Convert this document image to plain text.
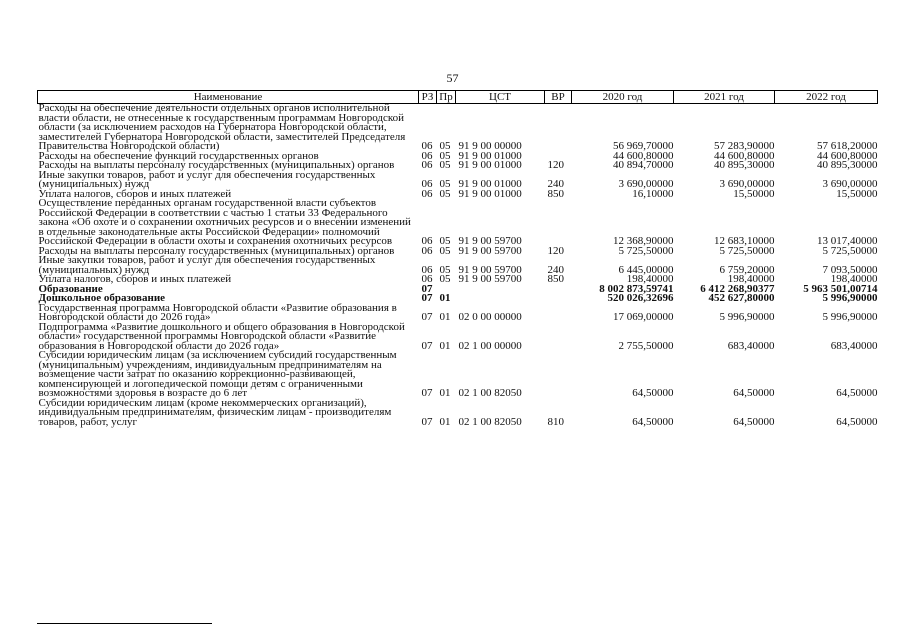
57
Наименование	РЗ	Пр	ЦСТ	ВР	2020 год	2021 год	2022 год
Расходы на обеспечение деятельности отдельных органов исполнительной власти области, не отнесенные к государственным программам Новгородской области (за исключением расходов на Губернатора Новгородской области, заместителей Губернатора Новгородской области, заместителей Председателя Правительства Новгородской области)	06	05	91 9 00 00000		56 969,70000	57 283,90000	57 618,20000
Расходы на обеспечение функций государственных органов	06	05	91 9 00 01000		44 600,80000	44 600,80000	44 600,80000
Расходы на выплаты персоналу государственных (муниципальных) органов	06	05	91 9 00 01000	120	40 894,70000	40 895,30000	40 895,30000
Иные закупки товаров, работ и услуг для обеспечения государственных (муниципальных) нужд	06	05	91 9 00 01000	240	3 690,00000	3 690,00000	3 690,00000
Уплата налогов, сборов и иных платежей	06	05	91 9 00 01000	850	16,10000	15,50000	15,50000
Осуществление переданных органам государственной власти субъектов Российской Федерации в соответствии с частью 1 статьи 33 Федерального закона «Об охоте и о сохранении охотничьих ресурсов и о внесении изменений в отдельные законодательные акты Российской Федерации» полномочий Российской Федерации в области охоты и сохранения охотничьих ресурсов	06	05	91 9 00 59700		12 368,90000	12 683,10000	13 017,40000
Расходы на выплаты персоналу государственных (муниципальных) органов	06	05	91 9 00 59700	120	5 725,50000	5 725,50000	5 725,50000
Иные закупки товаров, работ и услуг для обеспечения государственных (муниципальных) нужд	06	05	91 9 00 59700	240	6 445,00000	6 759,20000	7 093,50000
Уплата налогов, сборов и иных платежей	06	05	91 9 00 59700	850	198,40000	198,40000	198,40000
Образование	07				8 002 873,59741	6 412 268,90377	5 963 501,00714
Дошкольное образование	07	01			520 026,32696	452 627,80000	5 996,90000
Государственная программа Новгородской области «Развитие образования в Новгородской области до 2026 года»	07	01	02 0 00 00000		17 069,00000	5 996,90000	5 996,90000
Подпрограмма «Развитие дошкольного и общего образования в Новгородской области» государственной программы Новгородской области «Развитие образования в Новгородской области до 2026 года»	07	01	02 1 00 00000		2 755,50000	683,40000	683,40000
Субсидии юридическим лицам (за исключением субсидий государственным (муниципальным) учреждениям, индивидуальным предпринимателям на возмещение части затрат по оказанию коррекционно-развивающей, компенсирующей и логопедической помощи детям с ограниченными возможностями здоровья в возрасте до 6 лет	07	01	02 1 00 82050		64,50000	64,50000	64,50000
Субсидии юридическим лицам (кроме некоммерческих организаций), индивидуальным предпринимателям, физическим лицам - производителям товаров, работ, услуг	07	01	02 1 00 82050	810	64,50000	64,50000	64,50000
